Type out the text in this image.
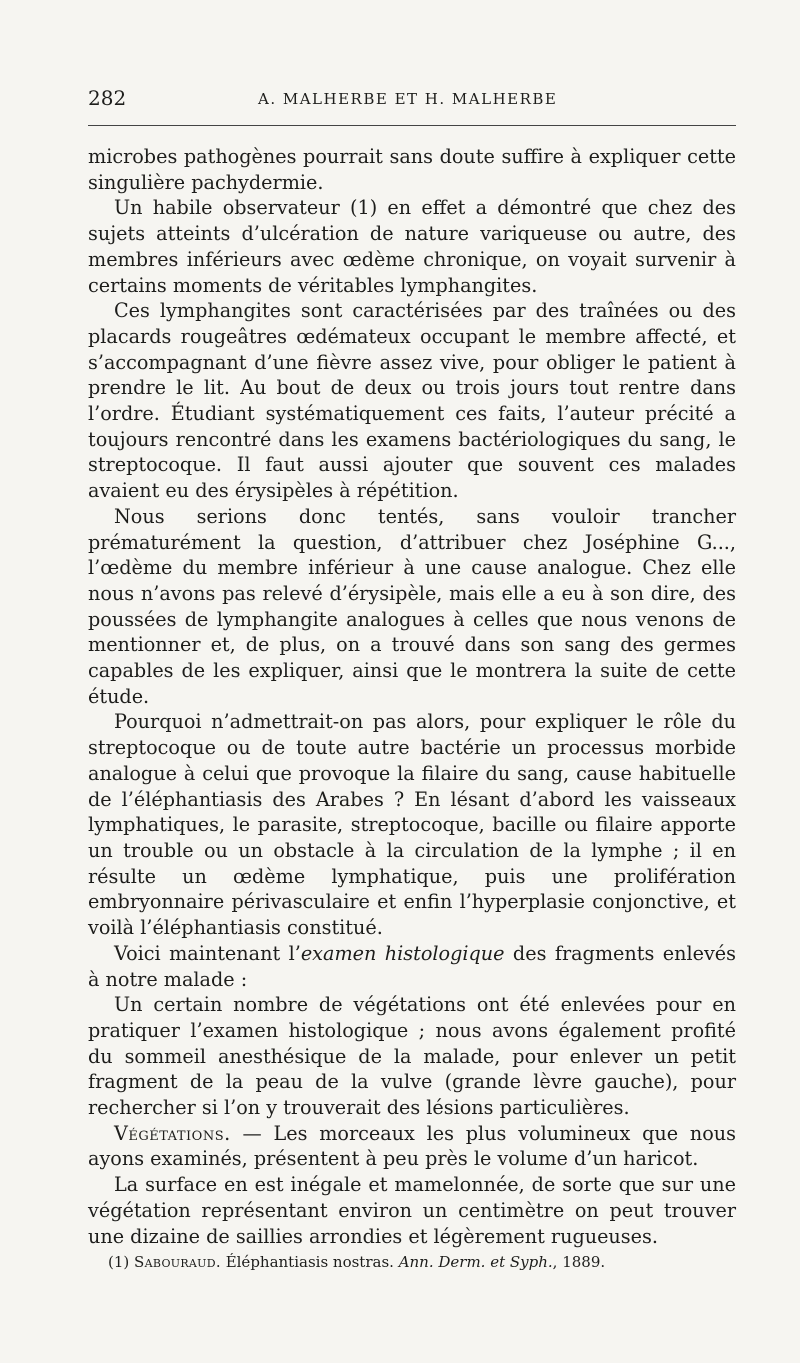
282	A. MALHERBE ET H. MALHERBE

microbes pathogènes pourrait sans doute suffire à expliquer cette singulière pachydermie.

Un habile observateur (1) en effet a démontré que chez des sujets atteints d’ulcération de nature variqueuse ou autre, des membres inférieurs avec œdème chronique, on voyait survenir à certains moments de véritables lymphangites.

Ces lymphangites sont caractérisées par des traînées ou des placards rougeâtres œdémateux occupant le membre affecté, et s’accompagnant d’une fièvre assez vive, pour obliger le patient à prendre le lit. Au bout de deux ou trois jours tout rentre dans l’ordre. Étudiant systématiquement ces faits, l’auteur précité a toujours rencontré dans les examens bactériologiques du sang, le streptocoque. Il faut aussi ajouter que souvent ces malades avaient eu des érysipèles à répétition.

Nous serions donc tentés, sans vouloir trancher prématurément la question, d’attribuer chez Joséphine G..., l’œdème du membre inférieur à une cause analogue. Chez elle nous n’avons pas relevé d’érysipèle, mais elle a eu à son dire, des poussées de lymphangite analogues à celles que nous venons de mentionner et, de plus, on a trouvé dans son sang des germes capables de les expliquer, ainsi que le montrera la suite de cette étude.

Pourquoi n’admettrait-on pas alors, pour expliquer le rôle du streptocoque ou de toute autre bactérie un processus morbide analogue à celui que provoque la filaire du sang, cause habituelle de l’éléphantiasis des Arabes ? En lésant d’abord les vaisseaux lymphatiques, le parasite, streptocoque, bacille ou filaire apporte un trouble ou un obstacle à la circulation de la lymphe ; il en résulte un œdème lymphatique, puis une prolifération embryonnaire périvasculaire et enfin l’hyperplasie conjonctive, et voilà l’éléphantiasis constitué.

Voici maintenant l’examen histologique des fragments enlevés à notre malade :

Un certain nombre de végétations ont été enlevées pour en pratiquer l’examen histologique ; nous avons également profité du sommeil anesthésique de la malade, pour enlever un petit fragment de la peau de la vulve (grande lèvre gauche), pour rechercher si l’on y trouverait des lésions particulières.

Végétations. — Les morceaux les plus volumineux que nous ayons examinés, présentent à peu près le volume d’un haricot.

La surface en est inégale et mamelonnée, de sorte que sur une végétation représentant environ un centimètre on peut trouver une dizaine de saillies arrondies et légèrement rugueuses.

(1) Sabouraud. Éléphantiasis nostras. Ann. Derm. et Syph., 1889.
